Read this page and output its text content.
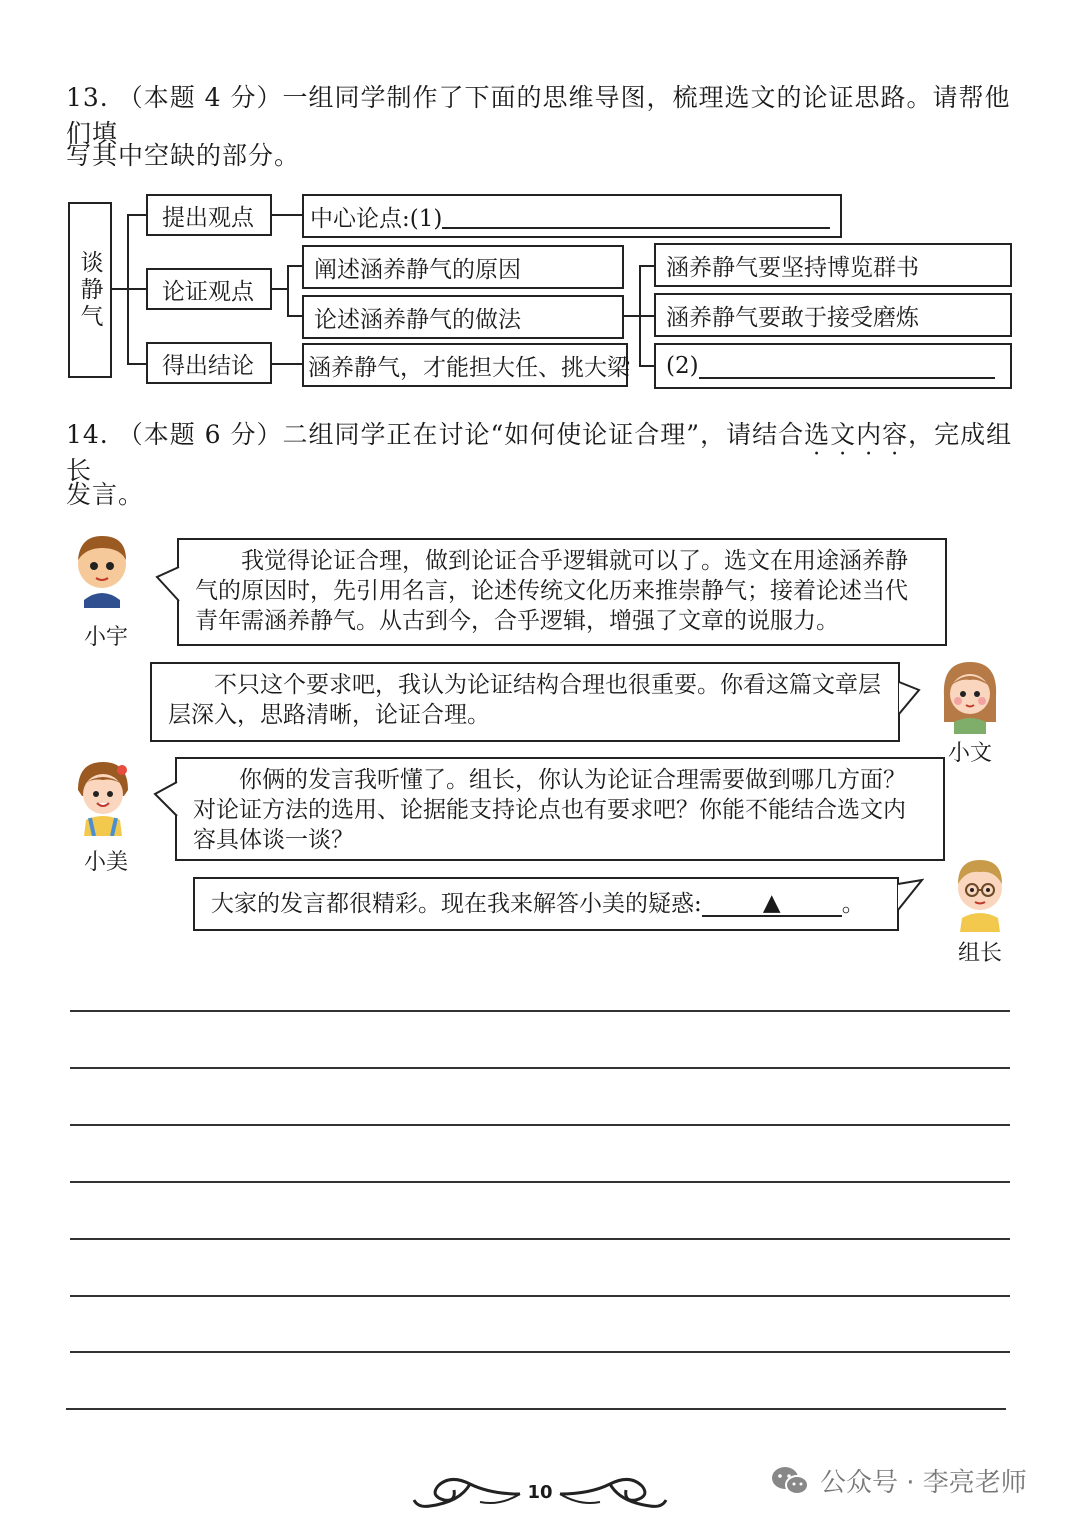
13. （本题 4 分）一组同学制作了下面的思维导图，梳理选文的论证思路。请帮他们填
写其中空缺的部分。
谈静气
提出观点
论证观点
得出结论
中心论点:(1)
阐述涵养静气的原因
论述涵养静气的做法
涵养静气，才能担大任、挑大梁
涵养静气要坚持博览群书
涵养静气要敢于接受磨炼
(2)
14. （本题 6 分）二组同学正在讨论“如何使论证合理”，请结合选文内容，完成组长
发言。
小宇
我觉得论证合理，做到论证合乎逻辑就可以了。选文在用途涵养静气的原因时，先引用名言，论述传统文化历来推崇静气；接着论述当代青年需涵养静气。从古到今，合乎逻辑，增强了文章的说服力。
不只这个要求吧，我认为论证结构合理也很重要。你看这篇文章层层深入，思路清晰，论证合理。
小文
小美
你俩的发言我听懂了。组长，你认为论证合理需要做到哪几方面？对论证方法的选用、论据能支持论点也有要求吧？你能不能结合选文内容具体谈一谈？
大家的发言都很精彩。现在我来解答小美的疑惑:	▲	。
组长
10	公众号 · 李亮老师
